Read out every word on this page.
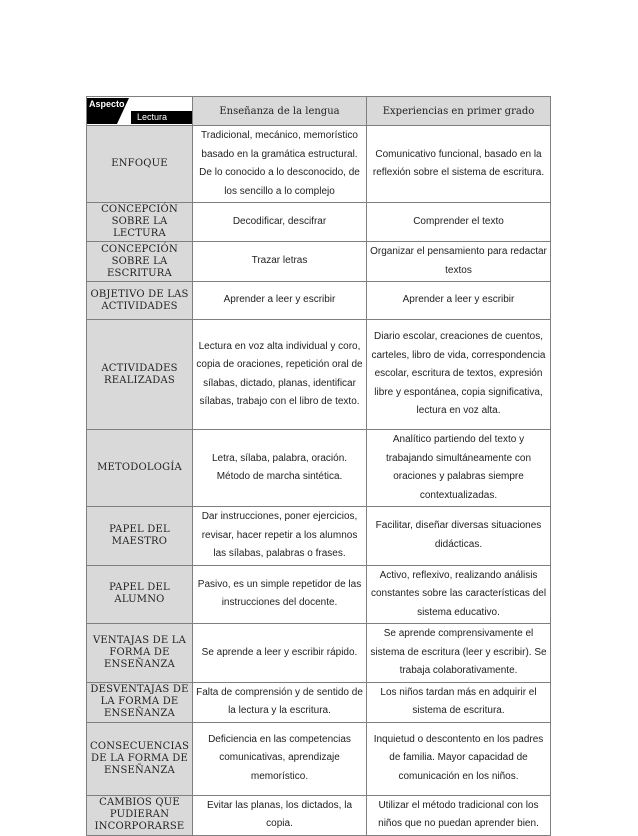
Aspecto
Lectura	Enseñanza de la lengua	Experiencias en primer grado
ENFOQUE	Tradicional, mecánico, memorístico basado en la gramática estructural. De lo conocido a lo desconocido, de los sencillo a lo complejo	Comunicativo funcional, basado en la reflexión sobre el sistema de escritura.
CONCEPCIÓN SOBRE LA LECTURA	Decodificar, descifrar	Comprender el texto
CONCEPCIÓN SOBRE LA ESCRITURA	Trazar letras	Organizar el pensamiento para redactar textos
OBJETIVO DE LAS ACTIVIDADES	Aprender a leer y escribir	Aprender a leer y escribir
ACTIVIDADES REALIZADAS	Lectura en voz alta individual y coro, copia de oraciones, repetición oral de sílabas, dictado, planas, identificar sílabas, trabajo con el libro de texto.	Diario escolar, creaciones de cuentos, carteles, libro de vida, correspondencia escolar, escritura de textos, expresión libre y espontánea, copia significativa, lectura en voz alta.
METODOLOGÍA	Letra, sílaba, palabra, oración. Método de marcha sintética.	Analítico partiendo del texto y trabajando simultáneamente con oraciones y palabras siempre contextualizadas.
PAPEL DEL MAESTRO	Dar instrucciones, poner ejercicios, revisar, hacer repetir a los alumnos las sílabas, palabras o frases.	Facilitar, diseñar diversas situaciones didácticas.
PAPEL DEL ALUMNO	Pasivo, es un simple repetidor de las instrucciones del docente.	Activo, reflexivo, realizando análisis constantes sobre las características del sistema educativo.
VENTAJAS DE LA FORMA DE ENSEÑANZA	Se aprende a leer y escribir rápido.	Se aprende comprensivamente el sistema de escritura (leer y escribir). Se trabaja colaborativamente.
DESVENTAJAS DE LA FORMA DE ENSEÑANZA	Falta de comprensión y de sentido de la lectura y la escritura.	Los niños tardan más en adquirir el sistema de escritura.
CONSECUENCIAS DE LA FORMA DE ENSEÑANZA	Deficiencia en las competencias comunicativas, aprendizaje memorístico.	Inquietud o descontento en los padres de familia. Mayor capacidad de comunicación en los niños.
CAMBIOS QUE PUDIERAN INCORPORARSE	Evitar las planas, los dictados, la copia.	Utilizar el método tradicional con los niños que no puedan aprender bien.
